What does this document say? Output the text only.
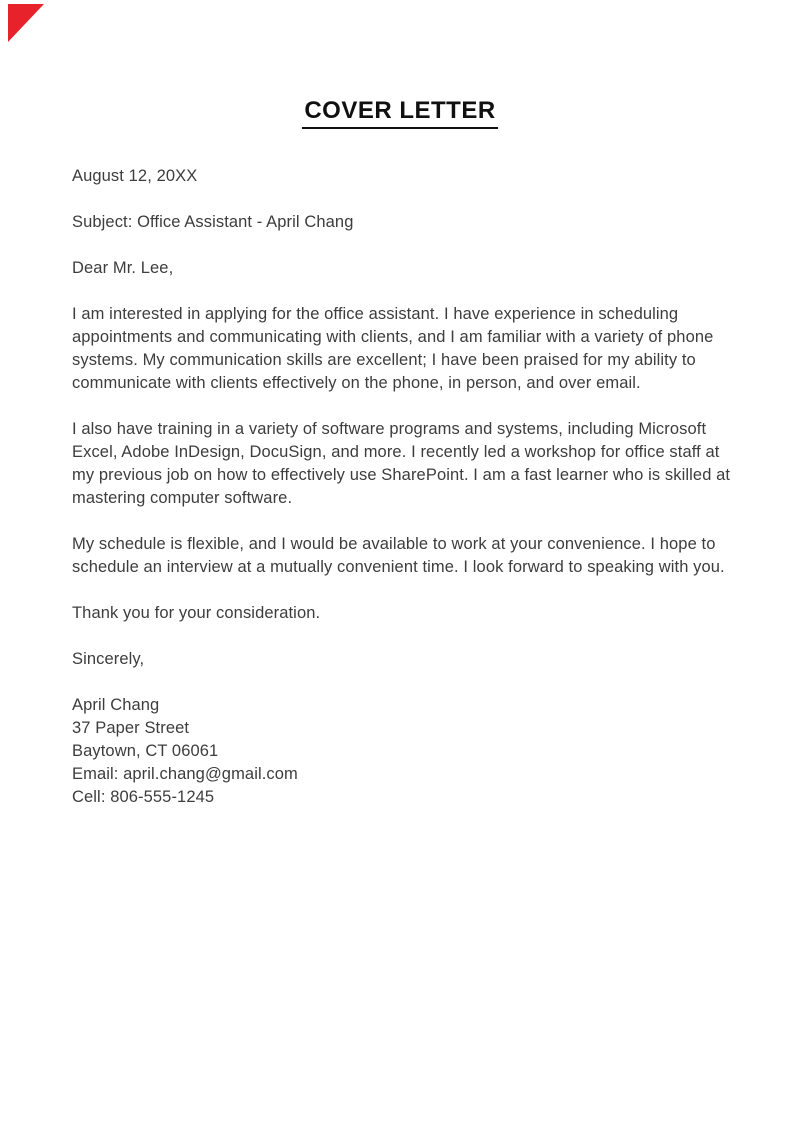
COVER LETTER

August 12, 20XX

Subject: Office Assistant - April Chang

Dear Mr. Lee,

I am interested in applying for the office assistant. I have experience in scheduling appointments and communicating with clients, and I am familiar with a variety of phone systems. My communication skills are excellent; I have been praised for my ability to communicate with clients effectively on the phone, in person, and over email.

I also have training in a variety of software programs and systems, including Microsoft Excel, Adobe InDesign, DocuSign, and more. I recently led a workshop for office staff at my previous job on how to effectively use SharePoint. I am a fast learner who is skilled at mastering computer software.

My schedule is flexible, and I would be available to work at your convenience. I hope to schedule an interview at a mutually convenient time. I look forward to speaking with you.

Thank you for your consideration.

Sincerely,

April Chang
37 Paper Street
Baytown, CT 06061
Email: april.chang@gmail.com
Cell: 806-555-1245
